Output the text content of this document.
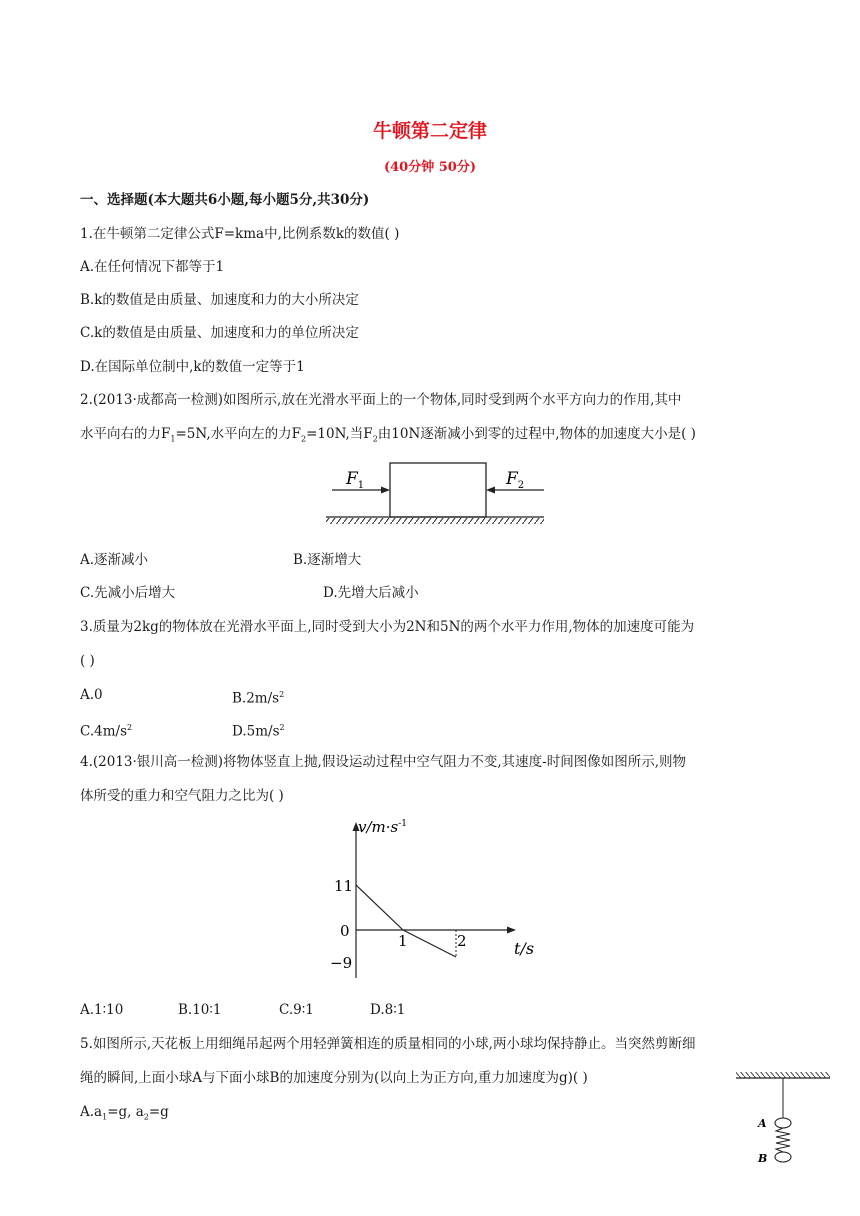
牛顿第二定律
(40分钟 50分)
一、选择题(本大题共6小题,每小题5分,共30分)
1.在牛顿第二定律公式F=kma中,比例系数k的数值( )
A.在任何情况下都等于1
B.k的数值是由质量、加速度和力的大小所决定
C.k的数值是由质量、加速度和力的单位所决定
D.在国际单位制中,k的数值一定等于1
2.(2013·成都高一检测)如图所示,放在光滑水平面上的一个物体,同时受到两个水平方向力的作用,其中
水平向右的力$F_1=5N$,水平向左的力$F_2=10N$,当$F_2$由10N逐渐减小到零的过程中,物体的加速度大小是( )
$F_1$	$F_2$
A.逐渐减小	B.逐渐增大
C.先减小后增大	D.先增大后减小
3.质量为2kg的物体放在光滑水平面上,同时受到大小为2N和5N的两个水平力作用,物体的加速度可能为
( )
A.0	$B.2m/s^2$
$C.4m/s^2$	$D.5m/s^2$
4.(2013·银川高一检测)将物体竖直上抛,假设运动过程中空气阻力不变,其速度-时间图像如图所示,则物
体所受的重力和空气阻力之比为( )
$v/m\cdot s^{-1}$
t/s
11
0
−9
1	2
A.1∶10	B.10∶1	C.9∶1	D.8∶1
5.如图所示,天花板上用细绳吊起两个用轻弹簧相连的质量相同的小球,两小球均保持静止。当突然剪断细
绳的瞬间,上面小球A与下面小球B的加速度分别为(以向上为正方向,重力加速度为g)( )
$A.a_1=g$, $a_2=g$
A
B
